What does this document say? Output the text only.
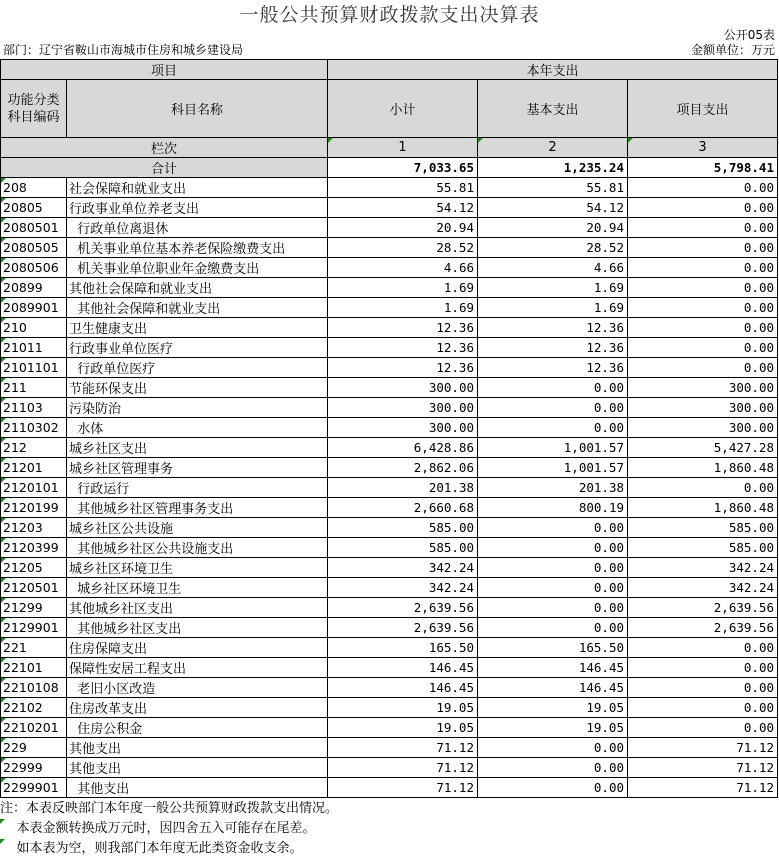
一般公共预算财政拨款支出决算表
公开05表
部门：辽宁省鞍山市海城市住房和城乡建设局	金额单位：万元
项目		本年支出		
功能分类
科目编码	科目名称	小计	基本支出	项目支出
栏次		1	2	3
合计		7,033.65	1,235.24	5,798.41
208	社会保障和就业支出	55.81	55.81	0.00
20805	行政事业单位养老支出	54.12	54.12	0.00
2080501	行政单位离退休	20.94	20.94	0.00
2080505	机关事业单位基本养老保险缴费支出	28.52	28.52	0.00
2080506	机关事业单位职业年金缴费支出	4.66	4.66	0.00
20899	其他社会保障和就业支出	1.69	1.69	0.00
2089901	其他社会保障和就业支出	1.69	1.69	0.00
210	卫生健康支出	12.36	12.36	0.00
21011	行政事业单位医疗	12.36	12.36	0.00
2101101	行政单位医疗	12.36	12.36	0.00
211	节能环保支出	300.00	0.00	300.00
21103	污染防治	300.00	0.00	300.00
2110302	水体	300.00	0.00	300.00
212	城乡社区支出	6,428.86	1,001.57	5,427.28
21201	城乡社区管理事务	2,862.06	1,001.57	1,860.48
2120101	行政运行	201.38	201.38	0.00
2120199	其他城乡社区管理事务支出	2,660.68	800.19	1,860.48
21203	城乡社区公共设施	585.00	0.00	585.00
2120399	其他城乡社区公共设施支出	585.00	0.00	585.00
21205	城乡社区环境卫生	342.24	0.00	342.24
2120501	城乡社区环境卫生	342.24	0.00	342.24
21299	其他城乡社区支出	2,639.56	0.00	2,639.56
2129901	其他城乡社区支出	2,639.56	0.00	2,639.56
221	住房保障支出	165.50	165.50	0.00
22101	保障性安居工程支出	146.45	146.45	0.00
2210108	老旧小区改造	146.45	146.45	0.00
22102	住房改革支出	19.05	19.05	0.00
2210201	住房公积金	19.05	19.05	0.00
229	其他支出	71.12	0.00	71.12
22999	其他支出	71.12	0.00	71.12
2299901	其他支出	71.12	0.00	71.12
注：本表反映部门本年度一般公共预算财政拨款支出情况。
本表金额转换成万元时，因四舍五入可能存在尾差。
如本表为空，则我部门本年度无此类资金收支余。
